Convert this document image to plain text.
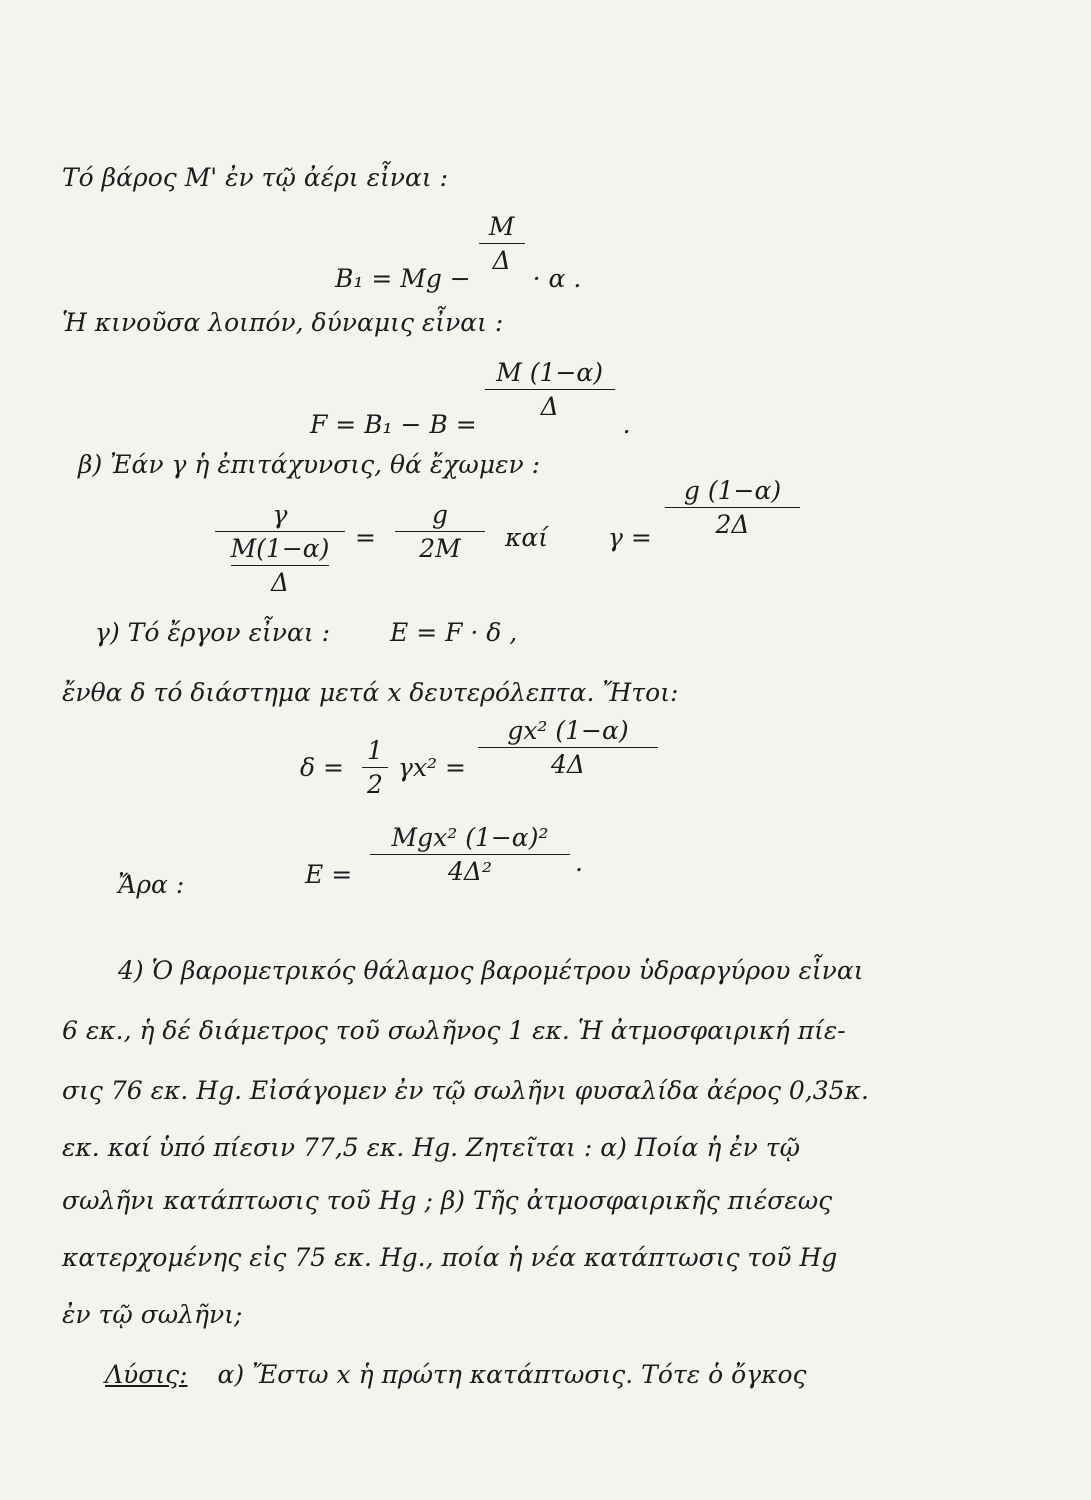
Τό βάρος Μ' ἐν τῷ ἀέρι εἶναι :
B₁ = Mg −
$\frac{M}{\Delta}$
· α .
Ἡ κινοῦσα λοιπόν, δύναμις εἶναι :
F = B₁ − B =
$\frac{M (1-\alpha)}{\Delta}$
.
β) Ἐάν γ ἡ ἐπιτάχυνσις, θά ἔχωμεν :
γ
$\frac{M(1-\alpha)}{\Delta}$ =
g
2M	καί γ =
g (1−α)
2Δ
γ) Τό ἔργον εἶναι : E = F · δ ,
ἔνθα δ τό διάστημα μετά x δευτερόλεπτα. Ἤτοι:
δ =
1
2
γx² =
gx² (1−α)
4Δ
Ἄρα :	E =
Mgx² (1−α)²
4Δ²	.
4) Ὁ βαρομετρικός θάλαμος βαρομέτρου ὑδραργύρου εἶναι
6 εκ., ἡ δέ διάμετρος τοῦ σωλῆνος 1 εκ. Ἡ ἀτμοσφαιρική πίε-
σις 76 εκ. Hg. Εἰσάγομεν ἐν τῷ σωλῆνι φυσαλίδα ἀέρος 0,35κ.
εκ. καί ὑπό πίεσιν 77,5 εκ. Hg. Ζητεῖται : α) Ποία ἡ ἐν τῷ
σωλῆνι κατάπτωσις τοῦ Hg ; β) Τῆς ἀτμοσφαιρικῆς πιέσεως
κατερχομένης εἰς 75 εκ. Hg., ποία ἡ νέα κατάπτωσις τοῦ Hg
ἐν τῷ σωλῆνι;
Λύσις: α) Ἔστω x ἡ πρώτη κατάπτωσις. Τότε ὁ ὄγκος
